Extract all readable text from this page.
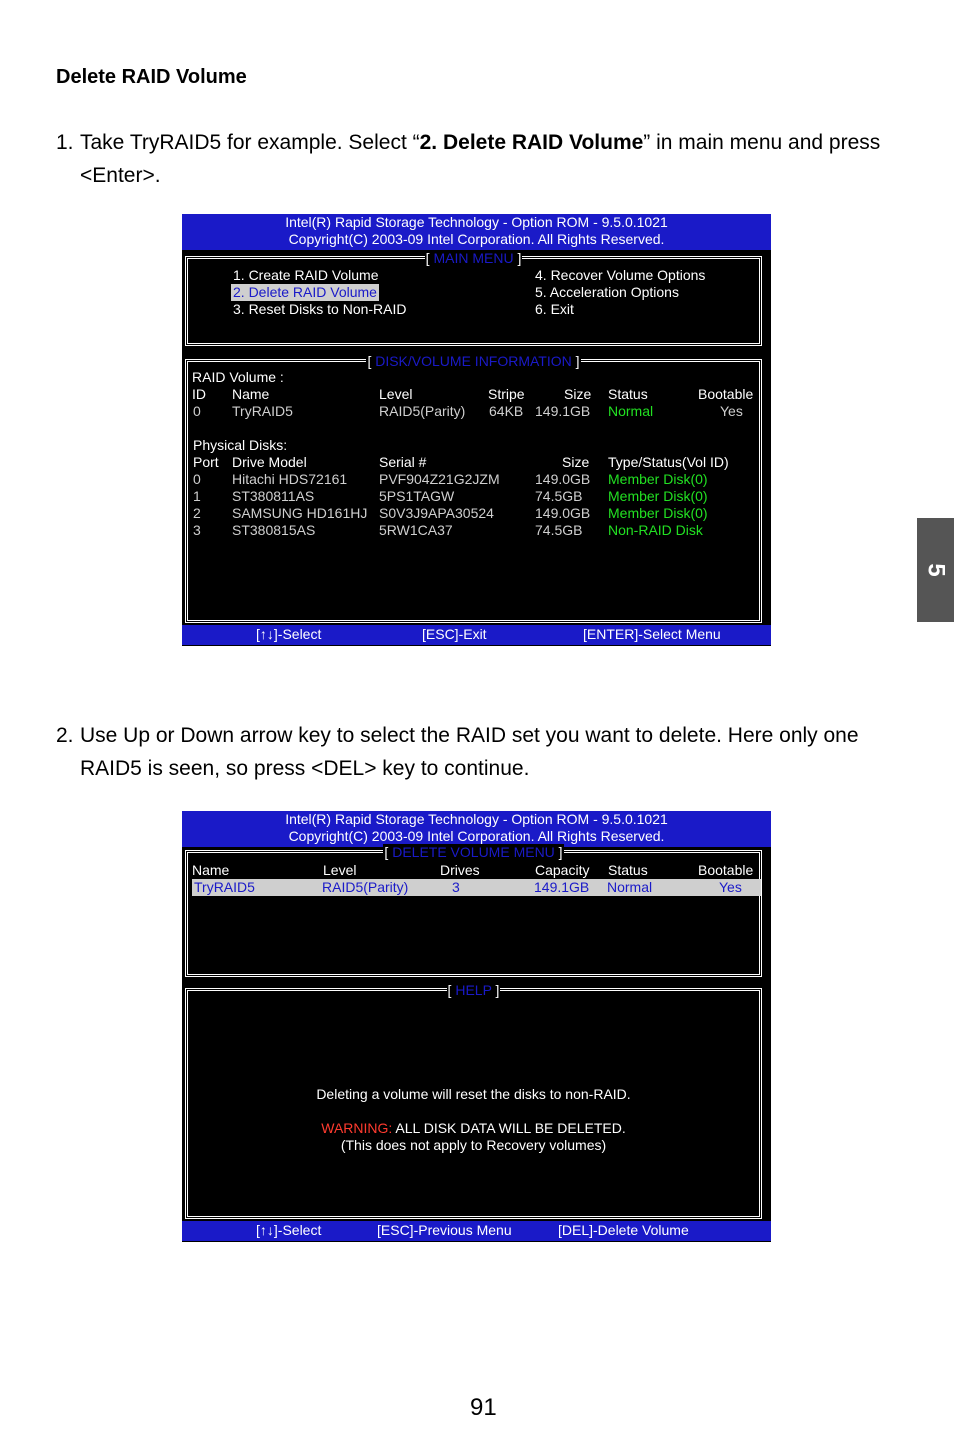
Delete RAID Volume
1. Take TryRAID5 for example. Select “2. Delete RAID Volume” in main menu and press <Enter>.
Intel(R) Rapid Storage Technology - Option ROM - 9.5.0.1021
Copyright(C) 2003-09 Intel Corporation. All Rights Reserved.
[ MAIN MENU ]
1. Create RAID Volume
2. Delete RAID Volume
3. Reset Disks to Non-RAID
4. Recover Volume Options
5. Acceleration Options
6. Exit
[ DISK/VOLUME INFORMATION ]
RAID Volume :
ID Name	Level	Stripe	Size Status	Bootable
0 TryRAID5	RAID5(Parity) 64KB 149.1GB Normal	Yes
Physical Disks:
Port Drive Model	Serial #	Size Type/Status(Vol ID)
0 Hitachi HDS72161 PVF904Z21G2JZM	149.0GB Member Disk(0)
1 ST380811AS	5PS1TAGW	74.5GB Member Disk(0)
2 SAMSUNG HD161HJ S0V3J9APA30524	149.0GB Member Disk(0)
3 ST380815AS	5RW1CA37	74.5GB Non-RAID Disk
[↑↓]-Select	[ESC]-Exit	[ENTER]-Select Menu
2. Use Up or Down arrow key to select the RAID set you want to delete. Here only one RAID5 is seen, so press <DEL> key to continue.
Intel(R) Rapid Storage Technology - Option ROM - 9.5.0.1021
Copyright(C) 2003-09 Intel Corporation. All Rights Reserved.
[ DELETE VOLUME MENU ]
Name	Level	Drives	Capacity Status	Bootable
TryRAID5	RAID5(Parity)	3	149.1GB Normal	Yes
[ HELP ]
Deleting a volume will reset the disks to non-RAID.
WARNING: ALL DISK DATA WILL BE DELETED.
(This does not apply to Recovery volumes)
[↑↓]-Select	[ESC]-Previous Menu	[DEL]-Delete Volume
5
91
